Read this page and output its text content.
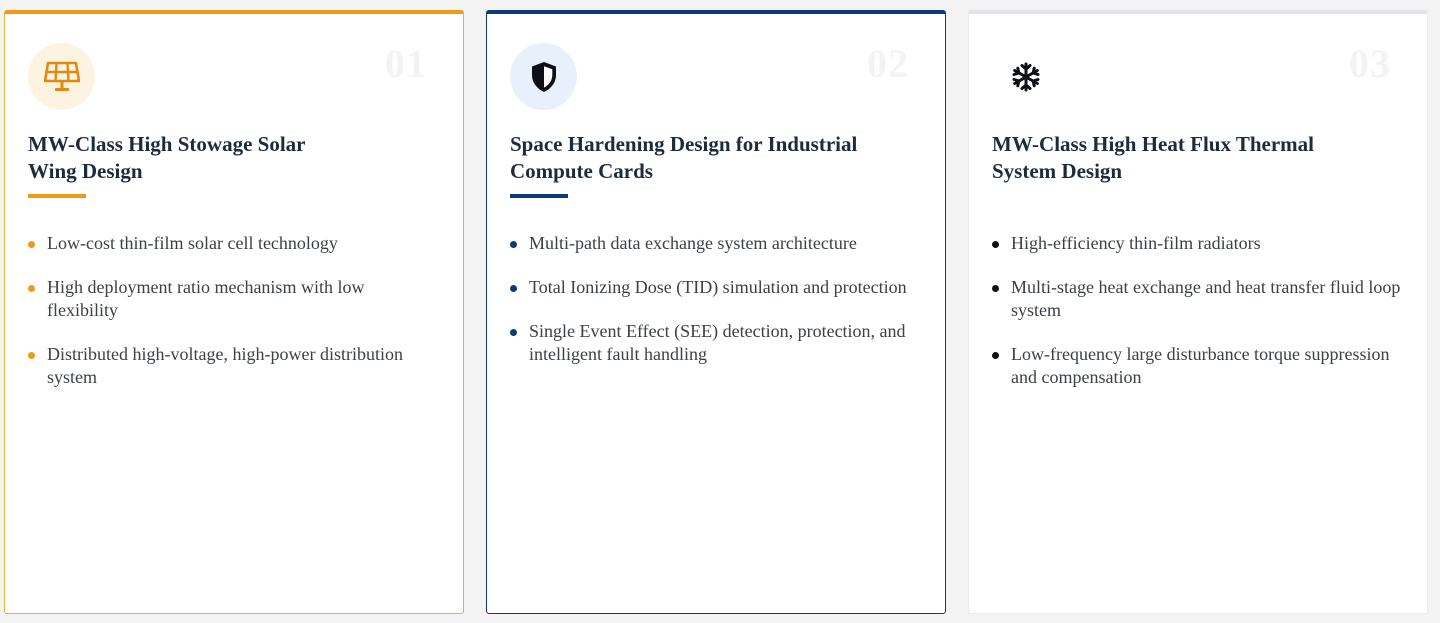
01
MW-Class High Stowage Solar Wing Design
Low-cost thin-film solar cell technology
High deployment ratio mechanism with low flexibility
Distributed high-voltage, high-power distribution system
02
Space Hardening Design for Industrial Compute Cards
Multi-path data exchange system architecture
Total Ionizing Dose (TID) simulation and protection
Single Event Effect (SEE) detection, protection, and intelligent fault handling
03
MW-Class High Heat Flux Thermal System Design
High-efficiency thin-film radiators
Multi-stage heat exchange and heat transfer fluid loop system
Low-frequency large disturbance torque suppression and compensation
